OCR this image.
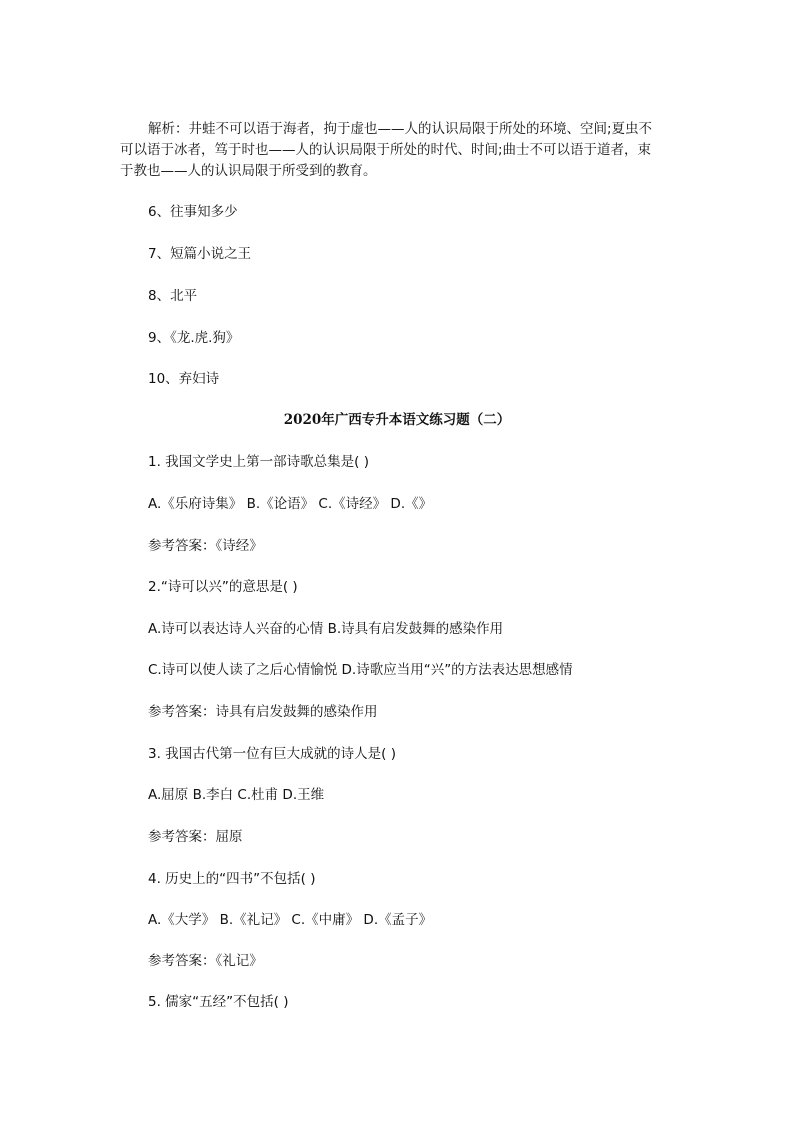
解析：井蛙不可以语于海者，拘于虚也——人的认识局限于所处的环境、空间;夏虫不
可以语于冰者，笃于时也——人的认识局限于所处的时代、时间;曲士不可以语于道者，束
于教也——人的认识局限于所受到的教育。
6、往事知多少
7、短篇小说之王
8、北平
9、《龙.虎.狗》
10、弃妇诗
2020年广西专升本语文练习题（二）
1. 我国文学史上第一部诗歌总集是( )
A.《乐府诗集》 B.《论语》 C.《诗经》 D.《》
参考答案：《诗经》
2.“诗可以兴”的意思是( )
A.诗可以表达诗人兴奋的心情 B.诗具有启发鼓舞的感染作用
C.诗可以使人读了之后心情愉悦 D.诗歌应当用“兴”的方法表达思想感情
参考答案：诗具有启发鼓舞的感染作用
3. 我国古代第一位有巨大成就的诗人是( )
A.屈原 B.李白 C.杜甫 D.王维
参考答案：屈原
4. 历史上的“四书”不包括( )
A.《大学》 B.《礼记》 C.《中庸》 D.《孟子》
参考答案：《礼记》
5. 儒家“五经”不包括( )
